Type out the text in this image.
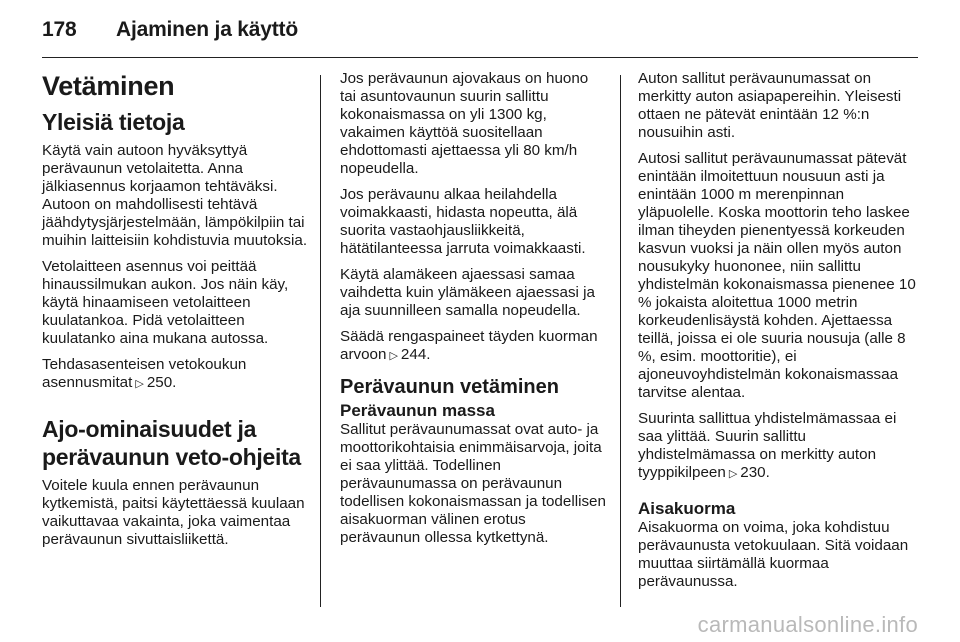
178 Ajaminen ja käyttö
Vetäminen
Yleisiä tietoja

Käytä vain autoon hyväksyttyä perävaunun vetolaitetta. Anna jälkiasennus korjaamon tehtäväksi. Autoon on mahdollisesti tehtävä jäähdytysjärjestelmään, lämpökilpiin tai muihin laitteisiin kohdistuvia muutoksia.

Vetolaitteen asennus voi peittää hinaussilmukan aukon. Jos näin käy, käytä hinaamiseen vetolaitteen kuulatankoa. Pidä vetolaitteen kuulatanko aina mukana autossa.

Tehdasasenteisen vetokoukun asennusmitat ▷ 250.

Ajo-ominaisuudet ja perävaunun veto-ohjeita

Voitele kuula ennen perävaunun kytkemistä, paitsi käytettäessä kuulaan vaikuttavaa vakainta, joka vaimentaa perävaunun sivuttaisliikettä.

Jos perävaunun ajovakaus on huono tai asuntovaunun suurin sallittu kokonaismassa on yli 1300 kg, vakaimen käyttöä suositellaan ehdottomasti ajettaessa yli 80 km/h nopeudella.

Jos perävaunu alkaa heilahdella voimakkaasti, hidasta nopeutta, älä suorita vastaohjausliikkeitä, hätätilanteessa jarruta voimakkaasti.

Käytä alamäkeen ajaessasi samaa vaihdetta kuin ylämäkeen ajaessasi ja aja suunnilleen samalla nopeudella.

Säädä rengaspaineet täyden kuorman arvoon ▷ 244.

Perävaunun vetäminen
Perävaunun massa

Sallitut perävaunumassat ovat auto- ja moottorikohtaisia enimmäisarvoja, joita ei saa ylittää. Todellinen perävaunumassa on perävaunun todellisen kokonaismassan ja todellisen aisakuorman välinen erotus perävaunun ollessa kytkettynä.

Auton sallitut perävaunumassat on merkitty auton asiapapereihin. Yleisesti ottaen ne pätevät enintään 12 %:n nousuihin asti.

Autosi sallitut perävaunumassat pätevät enintään ilmoitettuun nousuun asti ja enintään 1000 m merenpinnan yläpuolelle. Koska moottorin teho laskee ilman tiheyden pienentyessä korkeuden kasvun vuoksi ja näin ollen myös auton nousukyky huononee, niin sallittu yhdistelmän kokonaismassa pienenee 10 % jokaista aloitettua 1000 metrin korkeudenlisäystä kohden. Ajettaessa teillä, joissa ei ole suuria nousuja (alle 8 %, esim. moottoritie), ei ajoneuvoyhdistelmän kokonaismassaa tarvitse alentaa.

Suurinta sallittua yhdistelmämassaa ei saa ylittää. Suurin sallittu yhdistelmämassa on merkitty auton tyyppikilpeen ▷ 230.

Aisakuorma

Aisakuorma on voima, joka kohdistuu perävaunusta vetokuulaan. Sitä voidaan muuttaa siirtämällä kuormaa perävaunussa.

carmanualsonline.info
